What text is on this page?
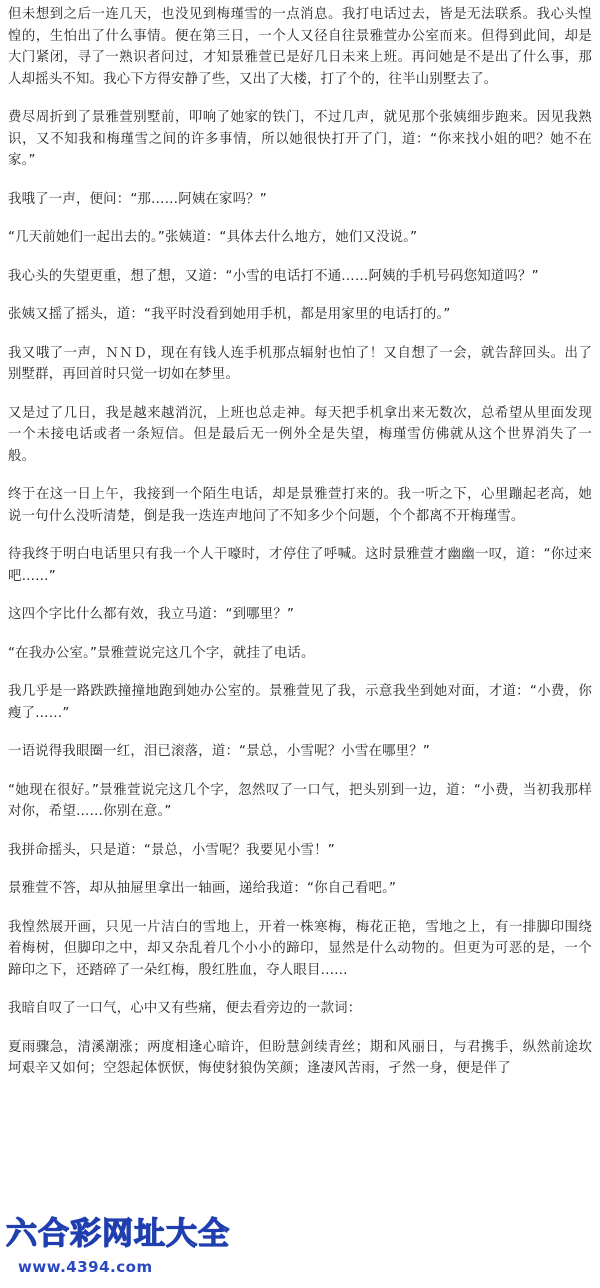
但未想到之后一连几天，也没见到梅瑾雪的一点消息。我打电话过去，皆是无法联系。我心头惶惶的，生怕出了什么事情。便在第三日，一个人又径自往景雅萱办公室而来。但得到此间，却是大门紧闭，寻了一熟识者问过，才知景雅萱已是好几日未来上班。再问她是不是出了什么事，那人却摇头不知。我心下方得安静了些，又出了大楼，打了个的，往半山别墅去了。

费尽周折到了景雅萱别墅前，叩响了她家的铁门，不过几声，就见那个张姨细步跑来。因见我熟识，又不知我和梅瑾雪之间的许多事情，所以她很快打开了门，道：“你来找小姐的吧？她不在家。”

我哦了一声，便问：“那……阿姨在家吗？”

“几天前她们一起出去的。”张姨道：“具体去什么地方，她们又没说。”

我心头的失望更重，想了想，又道：“小雪的电话打不通……阿姨的手机号码您知道吗？”

张姨又摇了摇头，道：“我平时没看到她用手机，都是用家里的电话打的。”

我又哦了一声，ＮＮＤ，现在有钱人连手机那点辐射也怕了！又自想了一会，就告辞回头。出了别墅群，再回首时只觉一切如在梦里。

又是过了几日，我是越来越消沉，上班也总走神。每天把手机拿出来无数次，总希望从里面发现一个未接电话或者一条短信。但是最后无一例外全是失望，梅瑾雪仿佛就从这个世界消失了一般。

终于在这一日上午，我接到一个陌生电话，却是景雅萱打来的。我一听之下，心里蹦起老高，她说一句什么没听清楚，倒是我一迭连声地问了不知多少个问题，个个都离不开梅瑾雪。

待我终于明白电话里只有我一个人干嚎时，才停住了呼喊。这时景雅萱才幽幽一叹，道：“你过来吧……”

这四个字比什么都有效，我立马道：“到哪里？”

“在我办公室。”景雅萱说完这几个字，就挂了电话。

我几乎是一路跌跌撞撞地跑到她办公室的。景雅萱见了我，示意我坐到她对面，才道：“小费，你瘦了……”

一语说得我眼圈一红，泪已滚落，道：“景总，小雪呢？小雪在哪里？”

“她现在很好。”景雅萱说完这几个字，忽然叹了一口气，把头别到一边，道：“小费，当初我那样对你，希望……你别在意。”

我拼命摇头，只是道：“景总，小雪呢？我要见小雪！”

景雅萱不答，却从抽屉里拿出一轴画，递给我道：“你自己看吧。”

我惶然展开画，只见一片洁白的雪地上，开着一株寒梅，梅花正艳，雪地之上，有一排脚印围绕着梅树，但脚印之中，却又杂乱着几个小小的蹄印，显然是什么动物的。但更为可恶的是，一个蹄印之下，还踏碎了一朵红梅，殷红胜血，夺人眼目……

我暗自叹了一口气，心中又有些痛，便去看旁边的一款词：

夏雨骤急，清溪潮涨；两度相逢心暗许，但盼慧剑续青丝；期和风丽日，与君携手，纵然前途坎坷艰辛又如何；空怨起体恹恹，悔使豺狼伪笑颜；逢凄风苦雨，孑然一身，便是伴了

六合彩网址大全
www.4394.com
